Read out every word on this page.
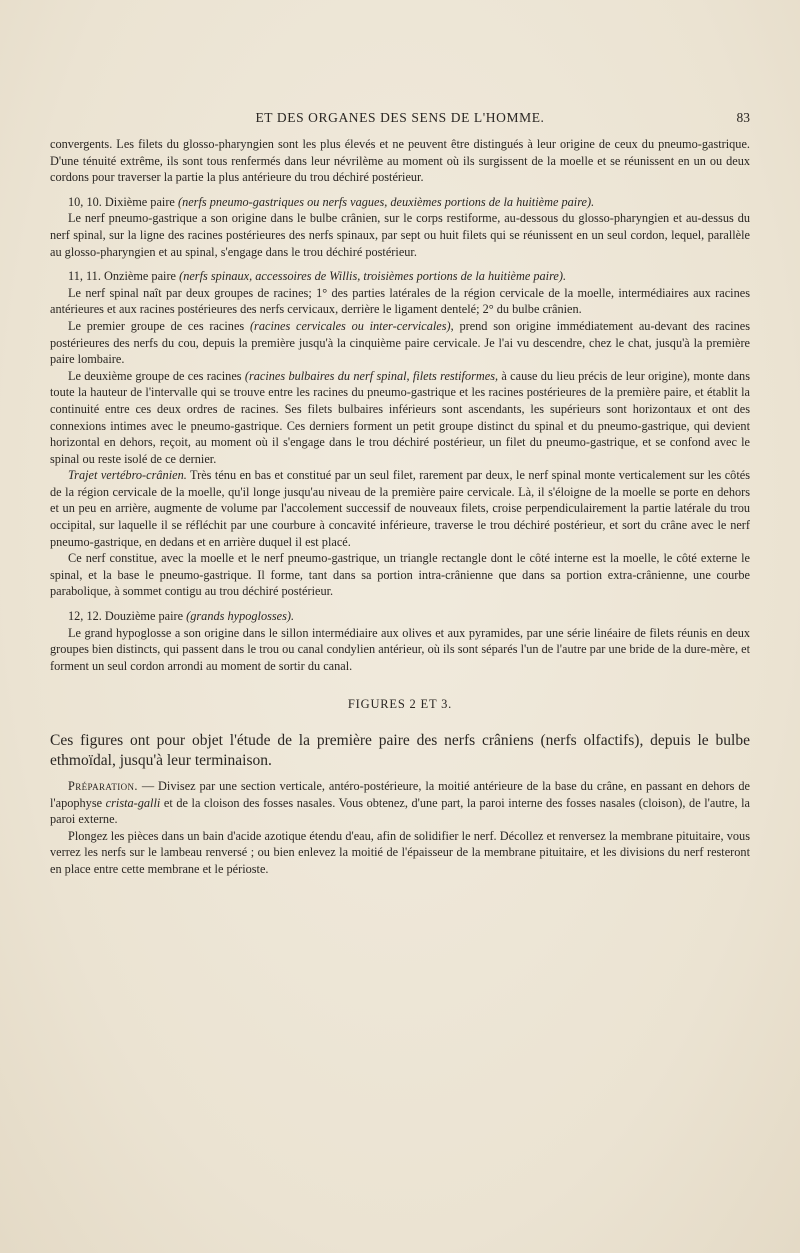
ET DES ORGANES DES SENS DE L'HOMME.	83

convergents. Les filets du glosso-pharyngien sont les plus élevés et ne peuvent être distingués à leur origine de ceux du pneumo-gastrique. D'une ténuité extrême, ils sont tous renfermés dans leur névrilème au moment où ils surgissent de la moelle et se réunissent en un ou deux cordons pour traverser la partie la plus antérieure du trou déchiré postérieur.

10, 10. Dixième paire (nerfs pneumo-gastriques ou nerfs vagues, deuxièmes portions de la huitième paire).

Le nerf pneumo-gastrique a son origine dans le bulbe crânien, sur le corps restiforme, au-dessous du glosso-pharyngien et au-dessus du nerf spinal, sur la ligne des racines postérieures des nerfs spinaux, par sept ou huit filets qui se réunissent en un seul cordon, lequel, parallèle au glosso-pharyngien et au spinal, s'engage dans le trou déchiré postérieur.

11, 11. Onzième paire (nerfs spinaux, accessoires de Willis, troisièmes portions de la huitième paire).

Le nerf spinal naît par deux groupes de racines; 1° des parties latérales de la région cervicale de la moelle, intermédiaires aux racines antérieures et aux racines postérieures des nerfs cervicaux, derrière le ligament dentelé; 2° du bulbe crânien.

Le premier groupe de ces racines (racines cervicales ou inter-cervicales), prend son origine immédiatement au-devant des racines postérieures des nerfs du cou, depuis la première jusqu'à la cinquième paire cervicale. Je l'ai vu descendre, chez le chat, jusqu'à la première paire lombaire.

Le deuxième groupe de ces racines (racines bulbaires du nerf spinal, filets restiformes, à cause du lieu précis de leur origine), monte dans toute la hauteur de l'intervalle qui se trouve entre les racines du pneumo-gastrique et les racines postérieures de la première paire, et établit la continuité entre ces deux ordres de racines. Ses filets bulbaires inférieurs sont ascendants, les supérieurs sont horizontaux et ont des connexions intimes avec le pneumo-gastrique. Ces derniers forment un petit groupe distinct du spinal et du pneumo-gastrique, qui devient horizontal en dehors, reçoit, au moment où il s'engage dans le trou déchiré postérieur, un filet du pneumo-gastrique, et se confond avec le spinal ou reste isolé de ce dernier.

Trajet vertébro-crânien. Très ténu en bas et constitué par un seul filet, rarement par deux, le nerf spinal monte verticalement sur les côtés de la région cervicale de la moelle, qu'il longe jusqu'au niveau de la première paire cervicale. Là, il s'éloigne de la moelle se porte en dehors et un peu en arrière, augmente de volume par l'accolement successif de nouveaux filets, croise perpendiculairement la partie latérale du trou occipital, sur laquelle il se réfléchit par une courbure à concavité inférieure, traverse le trou déchiré postérieur, et sort du crâne avec le nerf pneumo-gastrique, en dedans et en arrière duquel il est placé.

Ce nerf constitue, avec la moelle et le nerf pneumo-gastrique, un triangle rectangle dont le côté interne est la moelle, le côté externe le spinal, et la base le pneumo-gastrique. Il forme, tant dans sa portion intra-crânienne que dans sa portion extra-crânienne, une courbe parabolique, à sommet contigu au trou déchiré postérieur.

12, 12. Douzième paire (grands hypoglosses).

Le grand hypoglosse a son origine dans le sillon intermédiaire aux olives et aux pyramides, par une série linéaire de filets réunis en deux groupes bien distincts, qui passent dans le trou ou canal condylien antérieur, où ils sont séparés l'un de l'autre par une bride de la dure-mère, et forment un seul cordon arrondi au moment de sortir du canal.

FIGURES 2 ET 3.

Ces figures ont pour objet l'étude de la première paire des nerfs crâniens (nerfs olfactifs), depuis le bulbe ethmoïdal, jusqu'à leur terminaison.

Préparation. — Divisez par une section verticale, antéro-postérieure, la moitié antérieure de la base du crâne, en passant en dehors de l'apophyse crista-galli et de la cloison des fosses nasales. Vous obtenez, d'une part, la paroi interne des fosses nasales (cloison), de l'autre, la paroi externe.

Plongez les pièces dans un bain d'acide azotique étendu d'eau, afin de solidifier le nerf. Décollez et renversez la membrane pituitaire, vous verrez les nerfs sur le lambeau renversé ; ou bien enlevez la moitié de l'épaisseur de la membrane pituitaire, et les divisions du nerf resteront en place entre cette membrane et le périoste.
